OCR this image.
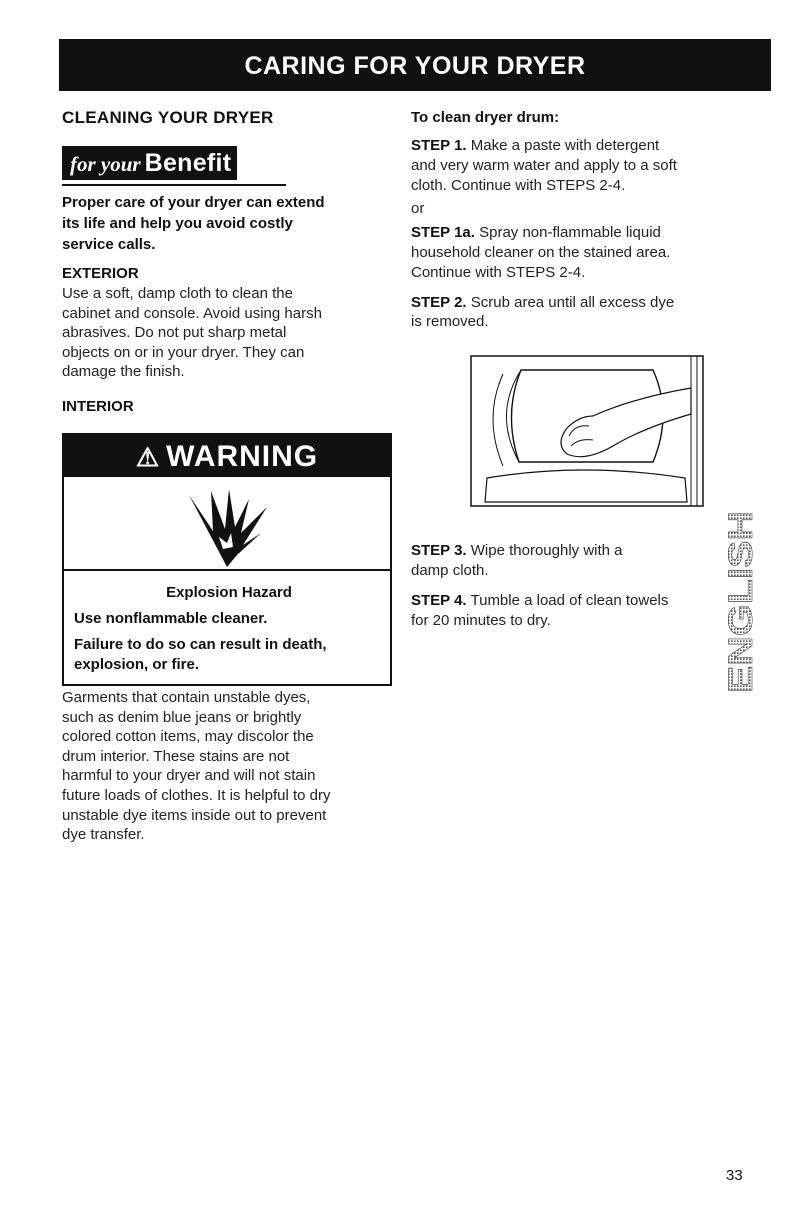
CARING FOR YOUR DRYER
CLEANING YOUR DRYER
for your Benefit
Proper care of your dryer can extend
its life and help you avoid costly
service calls.
EXTERIOR

Use a soft, damp cloth to clean the
cabinet and console. Avoid using harsh
abrasives. Do not put sharp metal
objects on or in your dryer. They can
damage the finish.

INTERIOR
⚠ WARNING
Explosion Hazard
Use nonflammable cleaner.
Failure to do so can result in death,
explosion, or fire.

Garments that contain unstable dyes,
such as denim blue jeans or brightly
colored cotton items, may discolor the
drum interior. These stains are not
harmful to your dryer and will not stain
future loads of clothes. It is helpful to dry
unstable dye items inside out to prevent
dye transfer.

To clean dryer drum:

STEP 1. Make a paste with detergent
and very warm water and apply to a soft
cloth. Continue with STEPS 2-4.

or

STEP 1a. Spray non-flammable liquid
household cleaner on the stained area.
Continue with STEPS 2-4.

STEP 2. Scrub area until all excess dye
is removed.

STEP 3. Wipe thoroughly with a
damp cloth.

STEP 4. Tumble a load of clean towels
for 20 minutes to dry.	ENGLISH
33
